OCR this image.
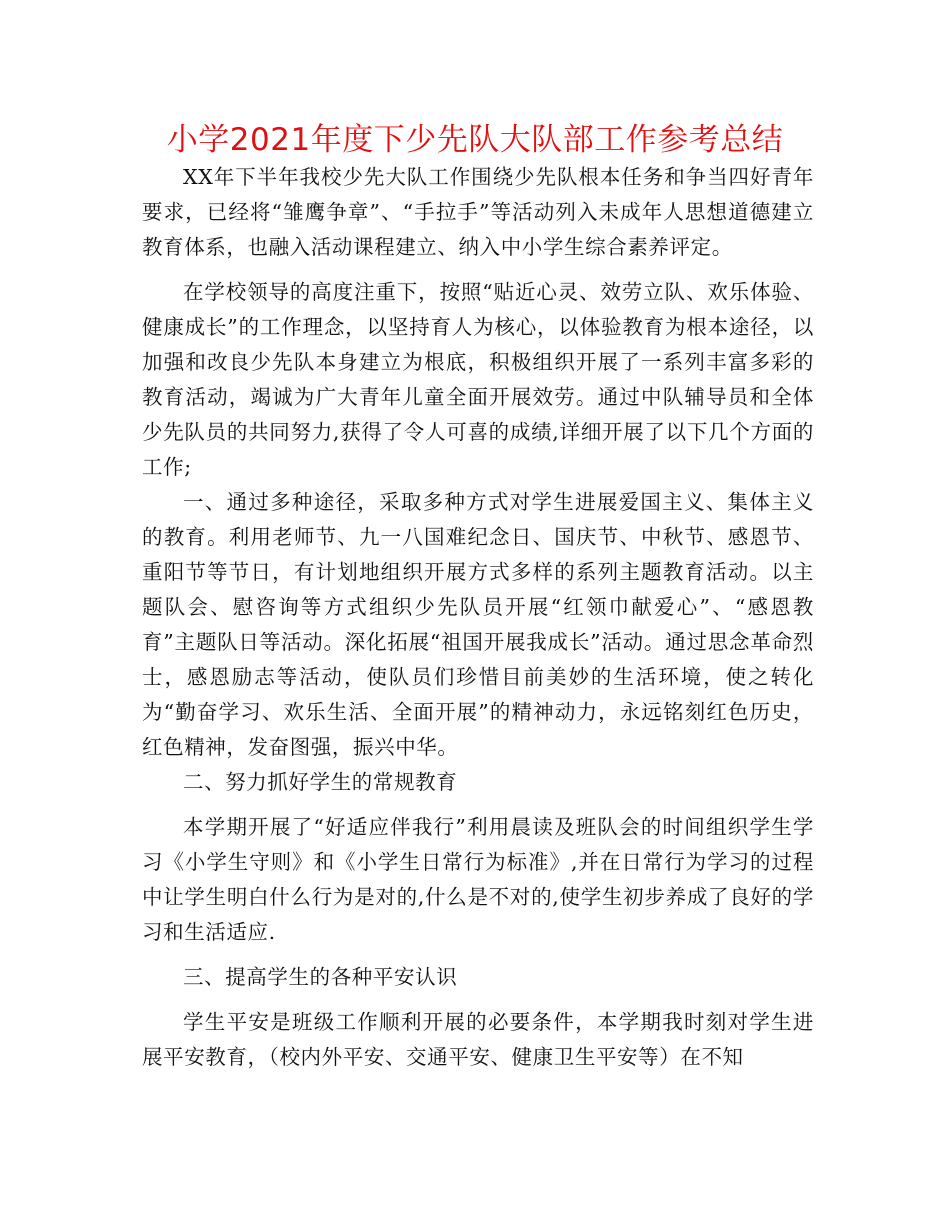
小学2021年度下少先队大队部工作参考总结

XX年下半年我校少先大队工作围绕少先队根本任务和争当四好青年要求，已经将“雏鹰争章”、“手拉手”等活动列入未成年人思想道德建立教育体系，也融入活动课程建立、纳入中小学生综合素养评定。

在学校领导的高度注重下，按照“贴近心灵、效劳立队、欢乐体验、健康成长”的工作理念，以坚持育人为核心，以体验教育为根本途径，以加强和改良少先队本身建立为根底，积极组织开展了一系列丰富多彩的教育活动，竭诚为广大青年儿童全面开展效劳。通过中队辅导员和全体少先队员的共同努力,获得了令人可喜的成绩,详细开展了以下几个方面的工作;

一、通过多种途径，采取多种方式对学生进展爱国主义、集体主义的教育。利用老师节、九一八国难纪念日、国庆节、中秋节、感恩节、重阳节等节日，有计划地组织开展方式多样的系列主题教育活动。以主题队会、慰咨询等方式组织少先队员开展“红领巾献爱心”、“感恩教育”主题队日等活动。深化拓展“祖国开展我成长”活动。通过思念革命烈士，感恩励志等活动，使队员们珍惜目前美妙的生活环境，使之转化为“勤奋学习、欢乐生活、全面开展”的精神动力，永远铭刻红色历史，红色精神，发奋图强，振兴中华。

二、努力抓好学生的常规教育

本学期开展了“好适应伴我行”利用晨读及班队会的时间组织学生学习《小学生守则》和《小学生日常行为标准》,并在日常行为学习的过程中让学生明白什么行为是对的,什么是不对的,使学生初步养成了良好的学习和生活适应.

三、提高学生的各种平安认识

学生平安是班级工作顺利开展的必要条件，本学期我时刻对学生进展平安教育，（校内外平安、交通平安、健康卫生平安等）在不知
